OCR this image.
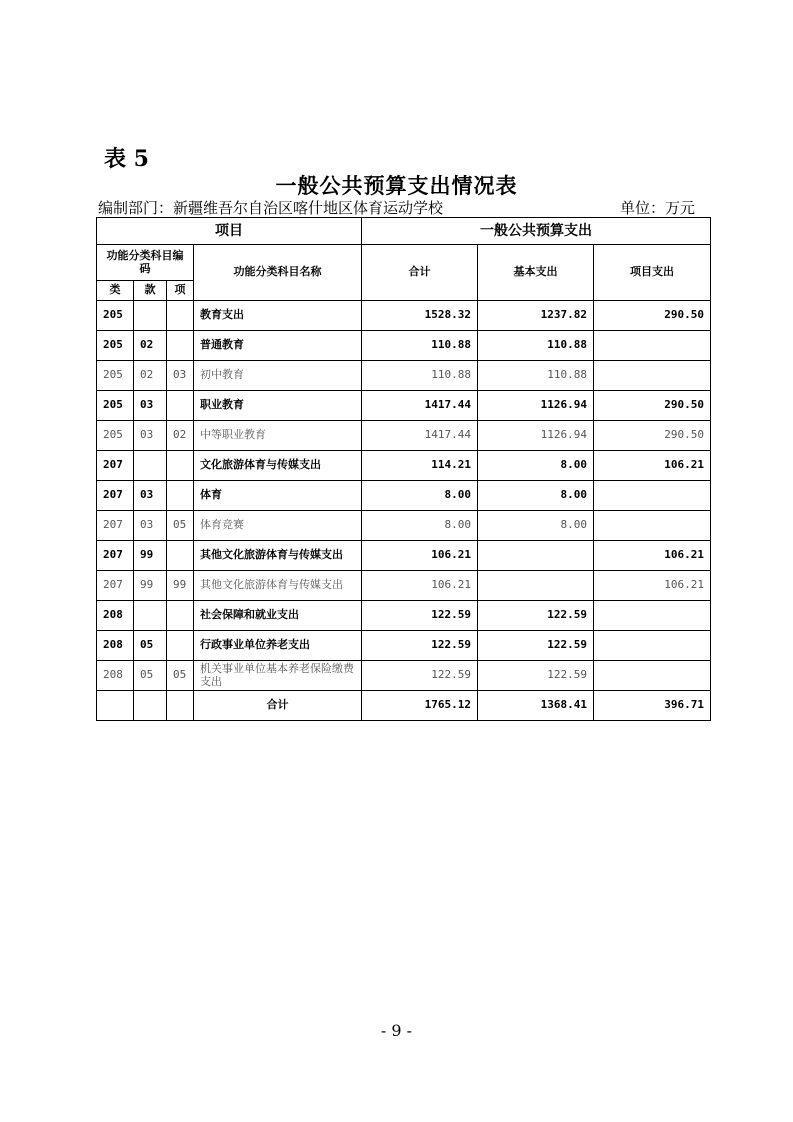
表 5
一般公共预算支出情况表
编制部门：新疆维吾尔自治区喀什地区体育运动学校	单位：万元
项目				一般公共预算支出		
功能分类科目编码			功能分类科目名称	合计	基本支出	项目支出
类	款	项				
205			教育支出	1528.32	1237.82	290.50
205	02		普通教育	110.88	110.88	
205	02	03	初中教育	110.88	110.88	
205	03		职业教育	1417.44	1126.94	290.50
205	03	02	中等职业教育	1417.44	1126.94	290.50
207			文化旅游体育与传媒支出	114.21	8.00	106.21
207	03		体育	8.00	8.00	
207	03	05	体育竞赛	8.00	8.00	
207	99		其他文化旅游体育与传媒支出	106.21		106.21
207	99	99	其他文化旅游体育与传媒支出	106.21		106.21
208			社会保障和就业支出	122.59	122.59	
208	05		行政事业单位养老支出	122.59	122.59	
208	05	05	机关事业单位基本养老保险缴费支出	122.59	122.59	
			合计	1765.12	1368.41	396.71
- 9 -
